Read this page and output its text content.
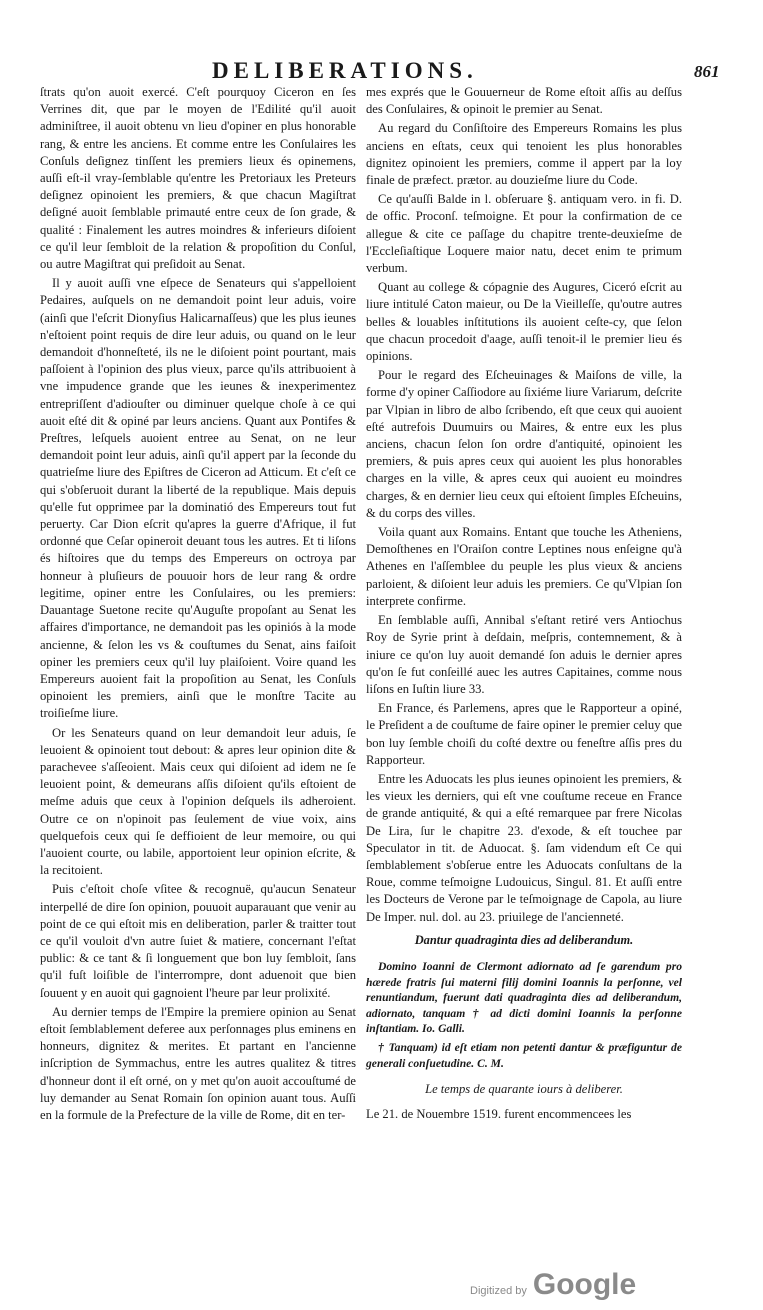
DELIBERATIONS.	861

ſtrats qu'on auoit exercé. C'eſt pourquoy Ciceron en ſes Verrines dit, que par le moyen de l'Edilité qu'il auoit adminiſtree, il auoit obtenu vn lieu d'opiner en plus honorable rang, & entre les anciens. Et comme entre les Conſulaires les Conſuls deſignez tinſſent les premiers lieux és opinemens, auſſi eſt-il vray-ſemblable qu'entre les Pretoriaux les Preteurs deſignez opinoient les premiers, & que chacun Magiſtrat deſigné auoit ſemblable primauté entre ceux de ſon grade, & qualité : Finalement les autres moindres & inferieurs diſoient ce qu'il leur ſembloit de la relation & propoſition du Conſul, ou autre Magiſtrat qui preſidoit au Senat.

Il y auoit auſſi vne eſpece de Senateurs qui s'appelloient Pedaires, auſquels on ne demandoit point leur aduis, voire (ainſi que l'eſcrit Dionyſius Halicarnaſſeus) que les plus ieunes n'eſtoient point requis de dire leur aduis, ou quand on le leur demandoit d'honneſteté, ils ne le diſoient point pourtant, mais paſſoient à l'opinion des plus vieux, parce qu'ils attribuoient à vne impudence grande que les ieunes & inexperimentez entrepriſſent d'adiouſter ou diminuer quelque choſe à ce qui auoit eſté dit & opiné par leurs anciens. Quant aux Pontifes & Preſtres, leſquels auoient entree au Senat, on ne leur demandoit point leur aduis, ainſi qu'il appert par la ſeconde du quatrieſme liure des Epiſtres de Ciceron ad Atticum. Et c'eſt ce qui s'obſeruoit durant la liberté de la republique. Mais depuis qu'elle fut opprimee par la dominatió des Empereurs tout fut peruerty. Car Dion eſcrit qu'apres la guerre d'Afrique, il fut ordonné que Ceſar opineroit deuant tous les autres. Et ti liſons és hiſtoires que du temps des Empereurs on octroya par honneur à pluſieurs de pouuoir hors de leur rang & ordre legitime, opiner entre les Conſulaires, ou les premiers: Dauantage Suetone recite qu'Auguſte propoſant au Senat les affaires d'importance, ne demandoit pas les opiniós à la mode ancienne, & ſelon les vs & couſtumes du Senat, ains faiſoit opiner les premiers ceux qu'il luy plaiſoient. Voire quand les Empereurs auoient fait la propoſition au Senat, les Conſuls opinoient les premiers, ainſi que le monſtre Tacite au troiſieſme liure.

Or les Senateurs quand on leur demandoit leur aduis, ſe leuoient & opinoient tout debout: & apres leur opinion dite & parachevee s'aſſeoient. Mais ceux qui diſoient ad idem ne ſe leuoient point, & demeurans aſſis diſoient qu'ils eſtoient de meſme aduis que ceux à l'opinion deſquels ils adheroient. Outre ce on n'opinoit pas ſeulement de viue voix, ains quelquefois ceux qui ſe deffioient de leur memoire, ou qui l'auoient courte, ou labile, apportoient leur opinion eſcrite, & la recitoient.

Puis c'eſtoit choſe vſitee & recognuë, qu'aucun Senateur interpellé de dire ſon opinion, pouuoit auparauant que venir au point de ce qui eſtoit mis en deliberation, parler & traitter tout ce qu'il vouloit d'vn autre ſuiet & matiere, concernant l'eſtat public: & ce tant & ſi longuement que bon luy ſembloit, ſans qu'il fuſt loiſible de l'interrompre, dont aduenoit que bien ſouuent y en auoit qui gagnoient l'heure par leur prolixité.

Au dernier temps de l'Empire la premiere opinion au Senat eſtoit ſemblablement deferee aux perſonnages plus eminens en honneurs, dignitez & merites. Et partant en l'ancienne inſcription de Symmachus, entre les autres qualitez & titres d'honneur dont il eſt orné, on y met qu'on auoit accouſtumé de luy demander au Senat Romain ſon opinion auant tous. Auſſi en la formule de la Prefecture de la ville de Rome, dit en ter-

mes exprés que le Gouuerneur de Rome eſtoit aſſis au deſſus des Conſulaires, & opinoit le premier au Senat.

Au regard du Conſiſtoire des Empereurs Romains les plus anciens en eſtats, ceux qui tenoient les plus honorables dignitez opinoient les premiers, comme il appert par la loy finale de præfect. prætor. au douzieſme liure du Code.

Ce qu'auſſi Balde in l. obſeruare §. antiquam vero. in fi. D. de offic. Proconſ. teſmoigne. Et pour la confirmation de ce allegue & cite ce paſſage du chapitre trente-deuxieſme de l'Eccleſiaſtique Loquere maior natu, decet enim te primum verbum.

Quant au college & cópagnie des Augures, Ciceró eſcrit au liure intitulé Caton maieur, ou De la Vieilleſſe, qu'outre autres belles & louables inſtitutions ils auoient ceſte-cy, que ſelon que chacun procedoit d'aage, auſſi tenoit-il le premier lieu és opinions.

Pour le regard des Eſcheuinages & Maiſons de ville, la forme d'y opiner Caſſiodore au ſixiéme liure Variarum, deſcrite par Vlpian in libro de albo ſcribendo, eſt que ceux qui auoient eſté autrefois Duumuirs ou Maires, & entre eux les plus anciens, chacun ſelon ſon ordre d'antiquité, opinoient les premiers, & puis apres ceux qui auoient les plus honorables charges en la ville, & apres ceux qui auoient eu moindres charges, & en dernier lieu ceux qui eſtoient ſimples Eſcheuins, & du corps des villes.

Voila quant aux Romains. Entant que touche les Atheniens, Demoſthenes en l'Oraiſon contre Leptines nous enſeigne qu'à Athenes en l'aſſemblee du peuple les plus vieux & anciens parloient, & diſoient leur aduis les premiers. Ce qu'Vlpian ſon interprete confirme.

En ſemblable auſſi, Annibal s'eſtant retiré vers Antiochus Roy de Syrie print à deſdain, meſpris, contemnement, & à iniure ce qu'on luy auoit demandé ſon aduis le dernier apres qu'on ſe fut conſeillé auec les autres Capitaines, comme nous liſons en Iuſtin liure 33.

En France, és Parlemens, apres que le Rapporteur a opiné, le Preſident a de couſtume de faire opiner le premier celuy que bon luy ſemble choiſi du coſté dextre ou feneſtre aſſis pres du Rapporteur.

Entre les Aduocats les plus ieunes opinoient les premiers, & les vieux les derniers, qui eſt vne couſtume receue en France de grande antiquité, & qui a eſté remarquee par frere Nicolas De Lira, ſur le chapitre 23. d'exode, & eſt touchee par Speculator in tit. de Aduocat. §. ſam videndum eſt Ce qui ſemblablement s'obſerue entre les Aduocats conſultans de la Roue, comme teſmoigne Ludouicus, Singul. 81. Et auſſi entre les Docteurs de Verone par le teſmoignage de Capola, au liure De Imper. nul. dol. au 23. priuilege de l'ancienneté.

Dantur quadraginta dies ad deliberandum.

Domino Ioanni de Clermont adiornato ad ſe garendum pro hærede fratris ſui materni filij domini Ioannis la perſonne, vel renuntiandum, fuerunt dati quadraginta dies ad deliberandum, adiornato, tanquam † ad dicti domini Ioannis la perſonne inſtantiam. Io. Galli.

† Tanquam) id eſt etiam non petenti dantur & præfiguntur de generali conſuetudine. C. M.

Le temps de quarante iours à deliberer.

Le 21. de Nouembre 1519. furent encommencees les

Digitized by Google
